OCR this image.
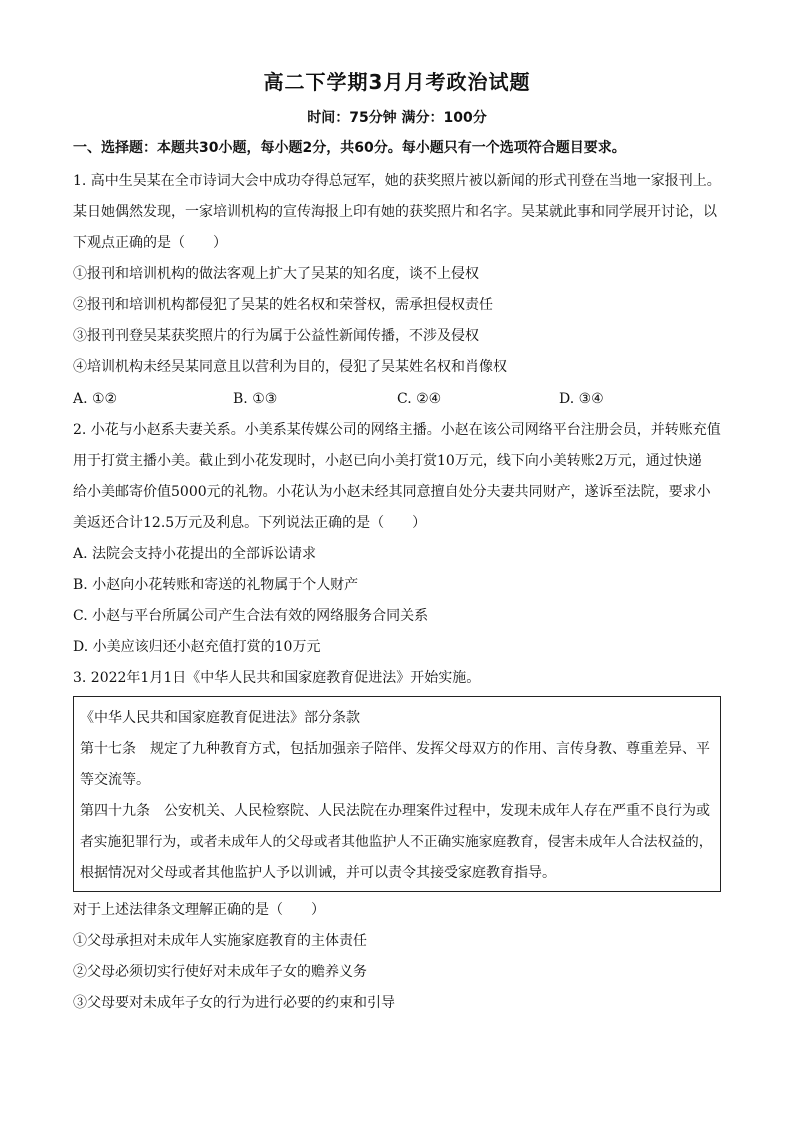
高二下学期3月月考政治试题
时间：75分钟 满分：100分
一、选择题：本题共30小题，每小题2分，共60分。每小题只有一个选项符合题目要求。
1. 高中生吴某在全市诗词大会中成功夺得总冠军，她的获奖照片被以新闻的形式刊登在当地一家报刊上。
某日她偶然发现，一家培训机构的宣传海报上印有她的获奖照片和名字。吴某就此事和同学展开讨论，以
下观点正确的是（　　）
①报刊和培训机构的做法客观上扩大了吴某的知名度，谈不上侵权
②报刊和培训机构都侵犯了吴某的姓名权和荣誉权，需承担侵权责任
③报刊刊登吴某获奖照片的行为属于公益性新闻传播，不涉及侵权
④培训机构未经吴某同意且以营利为目的，侵犯了吴某姓名权和肖像权
A. ①②	B. ①③	C. ②④	D. ③④
2. 小花与小赵系夫妻关系。小美系某传媒公司的网络主播。小赵在该公司网络平台注册会员，并转账充值
用于打赏主播小美。截止到小花发现时，小赵已向小美打赏10万元，线下向小美转账2万元，通过快递
给小美邮寄价值5000元的礼物。小花认为小赵未经其同意擅自处分夫妻共同财产，遂诉至法院，要求小
美返还合计12.5万元及利息。下列说法正确的是（　　）
A. 法院会支持小花提出的全部诉讼请求
B. 小赵向小花转账和寄送的礼物属于个人财产
C. 小赵与平台所属公司产生合法有效的网络服务合同关系
D. 小美应该归还小赵充值打赏的10万元
3. 2022年1月1日《中华人民共和国家庭教育促进法》开始实施。
《中华人民共和国家庭教育促进法》部分条款
第十七条　规定了九种教育方式，包括加强亲子陪伴、发挥父母双方的作用、言传身教、尊重差异、平
等交流等。
第四十九条　公安机关、人民检察院、人民法院在办理案件过程中，发现未成年人存在严重不良行为或
者实施犯罪行为，或者未成年人的父母或者其他监护人不正确实施家庭教育，侵害未成年人合法权益的，
根据情况对父母或者其他监护人予以训诫，并可以责令其接受家庭教育指导。
对于上述法律条文理解正确的是（　　）
①父母承担对未成年人实施家庭教育的主体责任
②父母必须切实行使好对未成年子女的赡养义务
③父母要对未成年子女的行为进行必要的约束和引导
